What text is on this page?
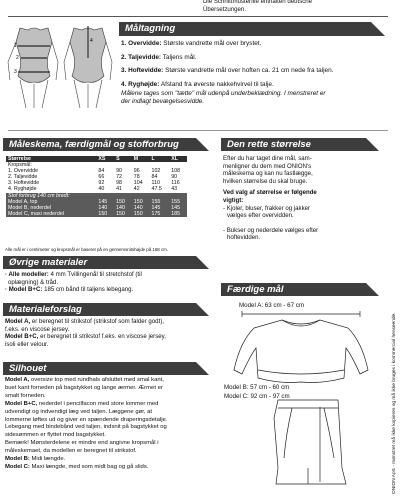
Die Schnittmusterfile enthalten deutsche
Übersetzungen.
1
2
3
4
Måltagning
1. Overvidde: Største vandrette mål over brystet.
2. Taljevidde: Taljens mål.
3. Hoftevidde: Største vandrette mål over hoften ca. 21 cm nede fra taljen.
4. Ryghøjde: Afstand fra øverste nakkehvirvel til talje.
Målene tages som "tætte" mål udenpå underbeklædning. I menstreret er
der indlagt bevægelsesvidde.
Måleskema, færdigmål og stofforbrug
Størrelse	XS	S	M	L	XL
Kropsmål:					
1. Overvidde	84	90	96	102	108
2. Taljevidde	66	72	78	84	90
3. Hoftevidde	92	98	104	110	116
4. Ryghøjde	40	41	42	47.5	43
Stof forbrug 140 cm bredt:					
Model A, top	145	150	150	155	155
Model B, nederdel	140	140	140	145	145
Model C, maxi nederdel	150	150	150	175	185
Alle mål er i centimeter og kropsmål er baseret på en gennemsnitshøjde på 168 cm.
Øvrige materialer
· Alle modeller: 4 mm Tvillingenål til stretchstof (til
oplægning) & tråd.
· Model B+C: 185 cm bånd til taljens lebegang.
Materialeforslag
Model A, er beregnet til strikstof (strikstof som falder godt),
f.eks. en viscose jersey.
Model B+C, er beregnet til strikstof f.eks. en viscose jersey,
isoli eller velour.
Silhouet
Model A, oversize top med rundhals afsluttet med smal kant,
buet kant forneden på bagstykket og lange ærmer. Ærmet er
smalt forneden.
Model B+C, nederdel i pencilfacon med store lommer med
udvendigt og indvendigt læg ved taljen. Læggene gør, at
lommerne løftes ud og giver en spændende draperingsdetalje.
Lebegang med bindebånd ved taljen, indsnit på bagstykket og
sidesømmen er flyttet mod bagstykket.
Bemærk! Mønsterdelene er mindre end angivne kropsmål i
måleskemaet, da modellen er beregnet til strikstof.
Model B: Midi længde.
Model C: Maxi længde, med som midt bag og gå slids.
Den rette størrelse
Efter du har taget dine mål, sam-
menligner du dem med ONION's
måleskema og kan nu fastlægge,
hvilken størrelse du skal bruge.
Ved valg af størrelse er følgende
vigtigt:
- Kjoler, bluser, frakker og jakker
vælges efter overvidden.
- Bukser og nederdele vælges efter
hoftevidden.
Færdige mål
Model A: 63 cm - 67 cm
Model B: 57 cm - 60 cm
Model C: 92 cm - 97 cm	ONION ApS - mønstret må ikke kopieres og må ikke bruges i kommercial henseende.
